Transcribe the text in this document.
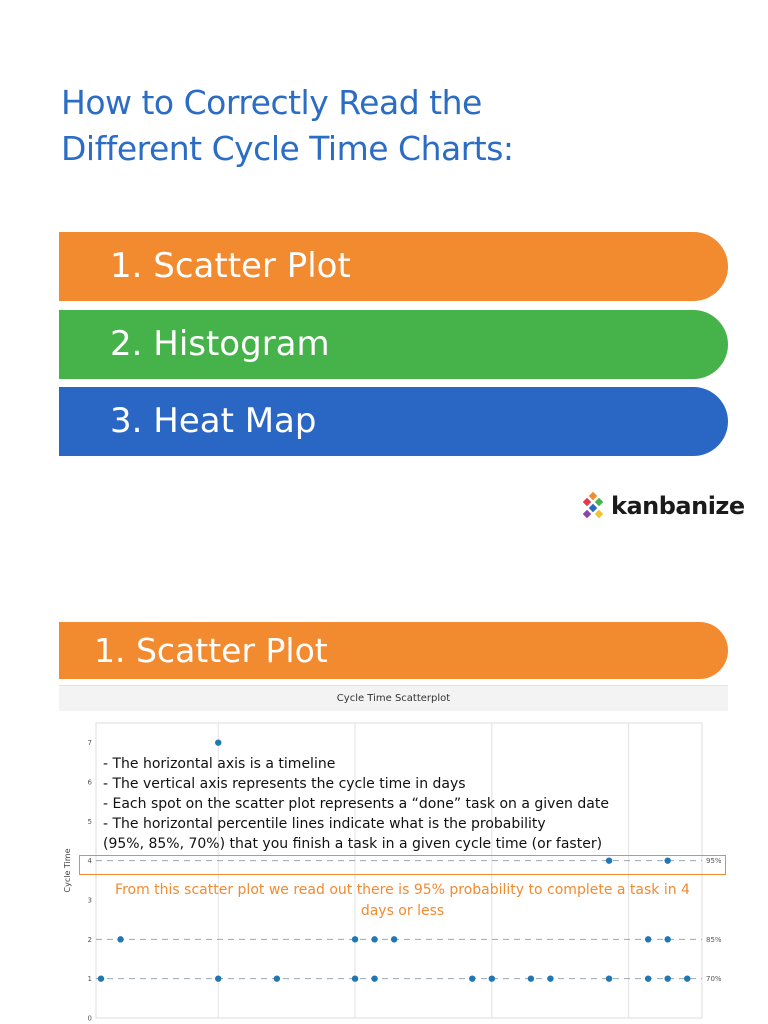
How to Correctly Read the
Different Cycle Time Charts:
1. Scatter Plot
2. Histogram
3. Heat Map
kanbanize
1. Scatter Plot
Cycle Time Scatterplot
0
1
2
3
4
5
6
7
Cycle Time	95%
85%
70%
- The horizontal axis is a timeline
- The vertical axis represents the cycle time in days
- Each spot on the scatter plot represents a “done” task on a given date
- The horizontal percentile lines indicate what is the probability
(95%, 85%, 70%) that you finish a task in a given cycle time (or faster)
From this scatter plot we read out there is 95% probability to complete a task in 4 days or less
